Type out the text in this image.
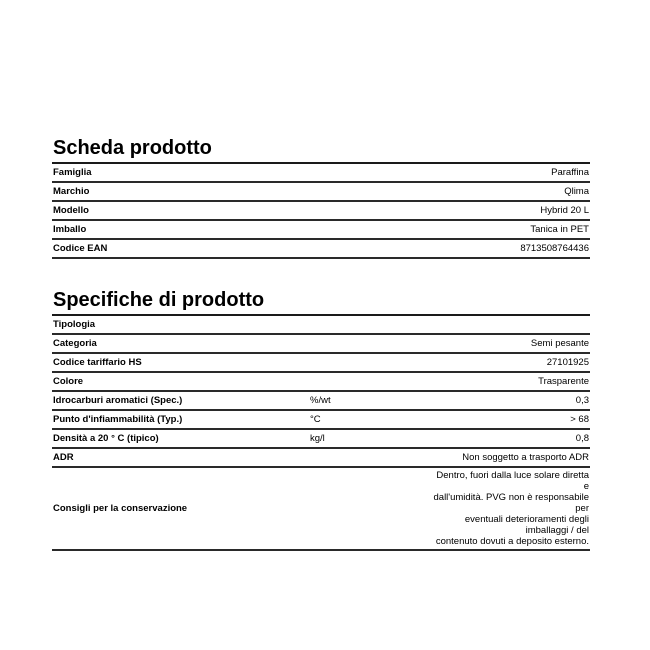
Scheda prodotto
Famiglia	Paraffina
Marchio	Qlima
Modello	Hybrid 20 L
Imballo	Tanica in PET
Codice EAN	8713508764436
Specifiche di prodotto
Tipologia		
Categoria		Semi pesante
Codice tariffario HS		27101925
Colore		Trasparente
Idrocarburi aromatici (Spec.)	%/wt	0,3
Punto d'infiammabilità (Typ.)	°C	> 68
Densità a 20 ° C (tipico)	kg/l	0,8
ADR		Non soggetto a trasporto ADR
Consigli per la conservazione		Dentro, fuori dalla luce solare diretta e
dall'umidità. PVG non è responsabile per
eventuali deterioramenti degli imballaggi / del
contenuto dovuti a deposito esterno.
